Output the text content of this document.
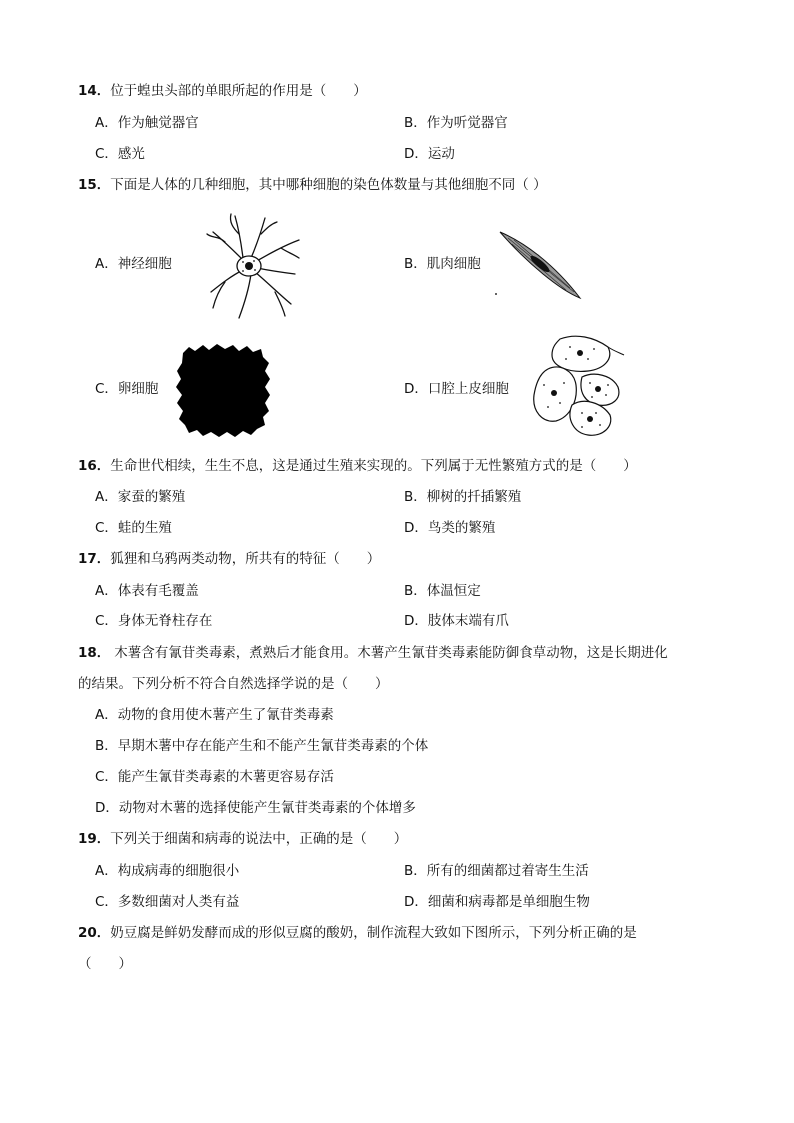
14．位于蝗虫头部的单眼所起的作用是（　　）
A．作为触觉器官	B．作为听觉器官
C．感光	D．运动
15．下面是人体的几种细胞，其中哪种细胞的染色体数量与其他细胞不同（ ）
A．神经细胞	B．肌肉细胞
C．卵细胞	D．口腔上皮细胞
16．生命世代相续，生生不息，这是通过生殖来实现的。下列属于无性繁殖方式的是（　　）
A．家蚕的繁殖	B．柳树的扦插繁殖
C．蛙的生殖	D．鸟类的繁殖
17．狐狸和乌鸦两类动物，所共有的特征（　　）
A．体表有毛覆盖	B．体温恒定
C．身体无脊柱存在	D．肢体末端有爪
18． 木薯含有氰苷类毒素，煮熟后才能食用。木薯产生氰苷类毒素能防御食草动物，这是长期进化
的结果。下列分析不符合自然选择学说的是（　　）
A．动物的食用使木薯产生了氰苷类毒素
B．早期木薯中存在能产生和不能产生氰苷类毒素的个体
C．能产生氰苷类毒素的木薯更容易存活
D．动物对木薯的选择使能产生氰苷类毒素的个体增多
19．下列关于细菌和病毒的说法中，正确的是（　　）
A．构成病毒的细胞很小	B．所有的细菌都过着寄生生活
C．多数细菌对人类有益	D．细菌和病毒都是单细胞生物
20．奶豆腐是鲜奶发酵而成的形似豆腐的酸奶，制作流程大致如下图所示，下列分析正确的是
（　　）
